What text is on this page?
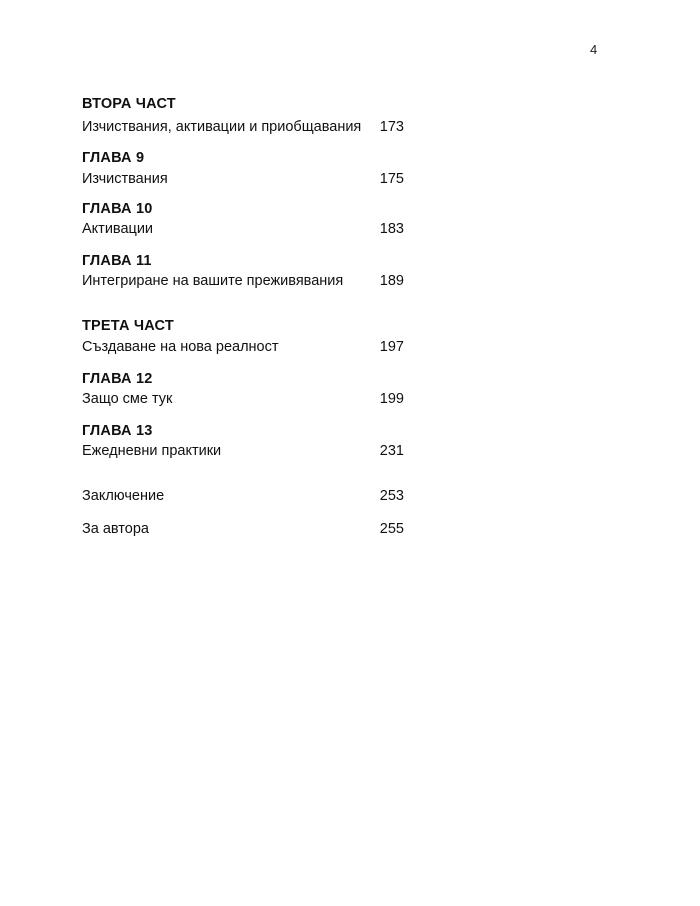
4
ВТОРА ЧАСТ
Изчиствания, активации и приобщавания 173
ГЛАВА 9
Изчиствания	175
ГЛАВА 10
Активации	183
ГЛАВА 11
Интегриране на вашите преживявания	189
ТРЕТА ЧАСТ
Създаване на нова реалност	197
ГЛАВА 12
Защо сме тук	199
ГЛАВА 13
Ежедневни практики	231
Заключение	253
За автора	255
